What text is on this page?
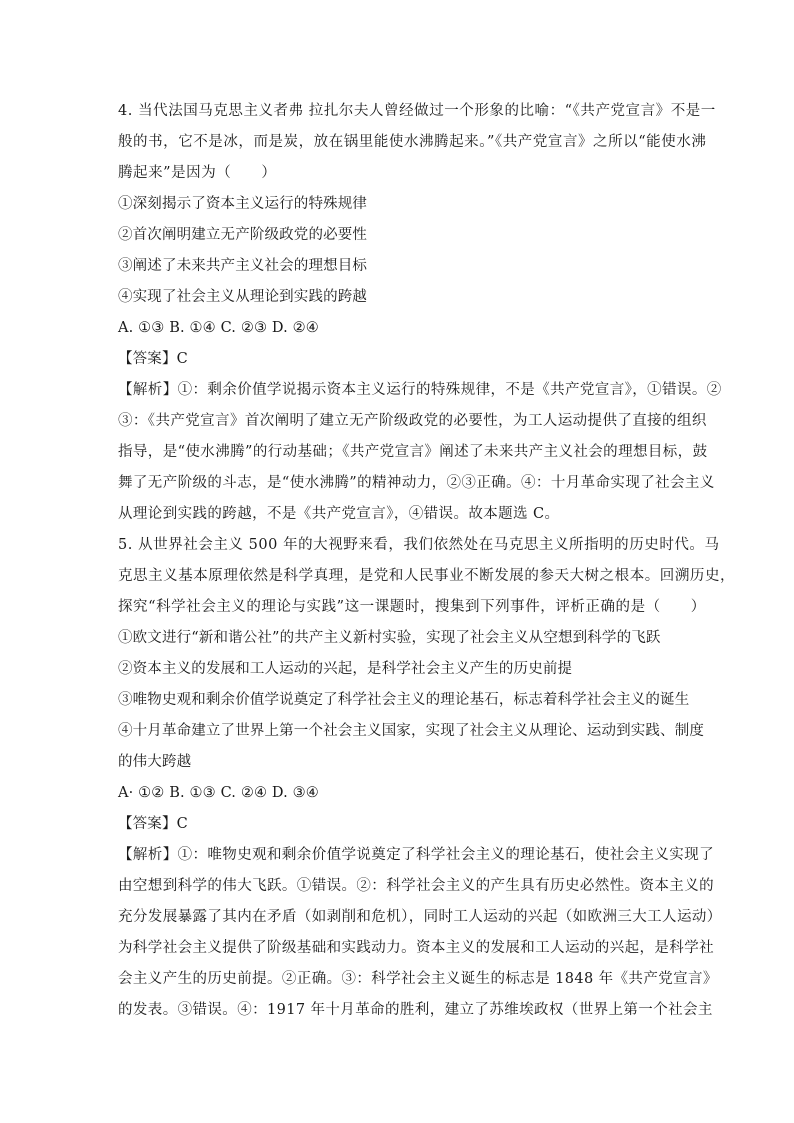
4. 当代法国马克思主义者弗 拉扎尔夫人曾经做过一个形象的比喻：“《共产党宣言》不是一
般的书，它不是冰，而是炭，放在锅里能使水沸腾起来。”《共产党宣言》之所以“能使水沸
腾起来”是因为（　　）
①深刻揭示了资本主义运行的特殊规律
②首次阐明建立无产阶级政党的必要性
③阐述了未来共产主义社会的理想目标
④实现了社会主义从理论到实践的跨越
A. ①③ B. ①④ C. ②③ D. ②④
【答案】C
【解析】①：剩余价值学说揭示资本主义运行的特殊规律，不是《共产党宣言》，①错误。②
③：《共产党宣言》首次阐明了建立无产阶级政党的必要性，为工人运动提供了直接的组织
指导，是“使水沸腾”的行动基础；《共产党宣言》阐述了未来共产主义社会的理想目标，鼓
舞了无产阶级的斗志，是“使水沸腾”的精神动力，②③正确。④：十月革命实现了社会主义
从理论到实践的跨越，不是《共产党宣言》，④错误。故本题选 C。
5. 从世界社会主义 500 年的大视野来看，我们依然处在马克思主义所指明的历史时代。马
克思主义基本原理依然是科学真理，是党和人民事业不断发展的参天大树之根本。回溯历史，
探究“科学社会主义的理论与实践”这一课题时，搜集到下列事件，评析正确的是（　　）
①欧文进行“新和谐公社”的共产主义新村实验，实现了社会主义从空想到科学的飞跃
②资本主义的发展和工人运动的兴起，是科学社会主义产生的历史前提
③唯物史观和剩余价值学说奠定了科学社会主义的理论基石，标志着科学社会主义的诞生
④十月革命建立了世界上第一个社会主义国家，实现了社会主义从理论、运动到实践、制度
的伟大跨越
A· ①② B. ①③ C. ②④ D. ③④
【答案】C
【解析】①：唯物史观和剩余价值学说奠定了科学社会主义的理论基石，使社会主义实现了
由空想到科学的伟大飞跃。①错误。②：科学社会主义的产生具有历史必然性。资本主义的
充分发展暴露了其内在矛盾（如剥削和危机），同时工人运动的兴起（如欧洲三大工人运动）
为科学社会主义提供了阶级基础和实践动力。资本主义的发展和工人运动的兴起，是科学社
会主义产生的历史前提。②正确。③：科学社会主义诞生的标志是 1848 年《共产党宣言》
的发表。③错误。④：1917 年十月革命的胜利，建立了苏维埃政权（世界上第一个社会主
